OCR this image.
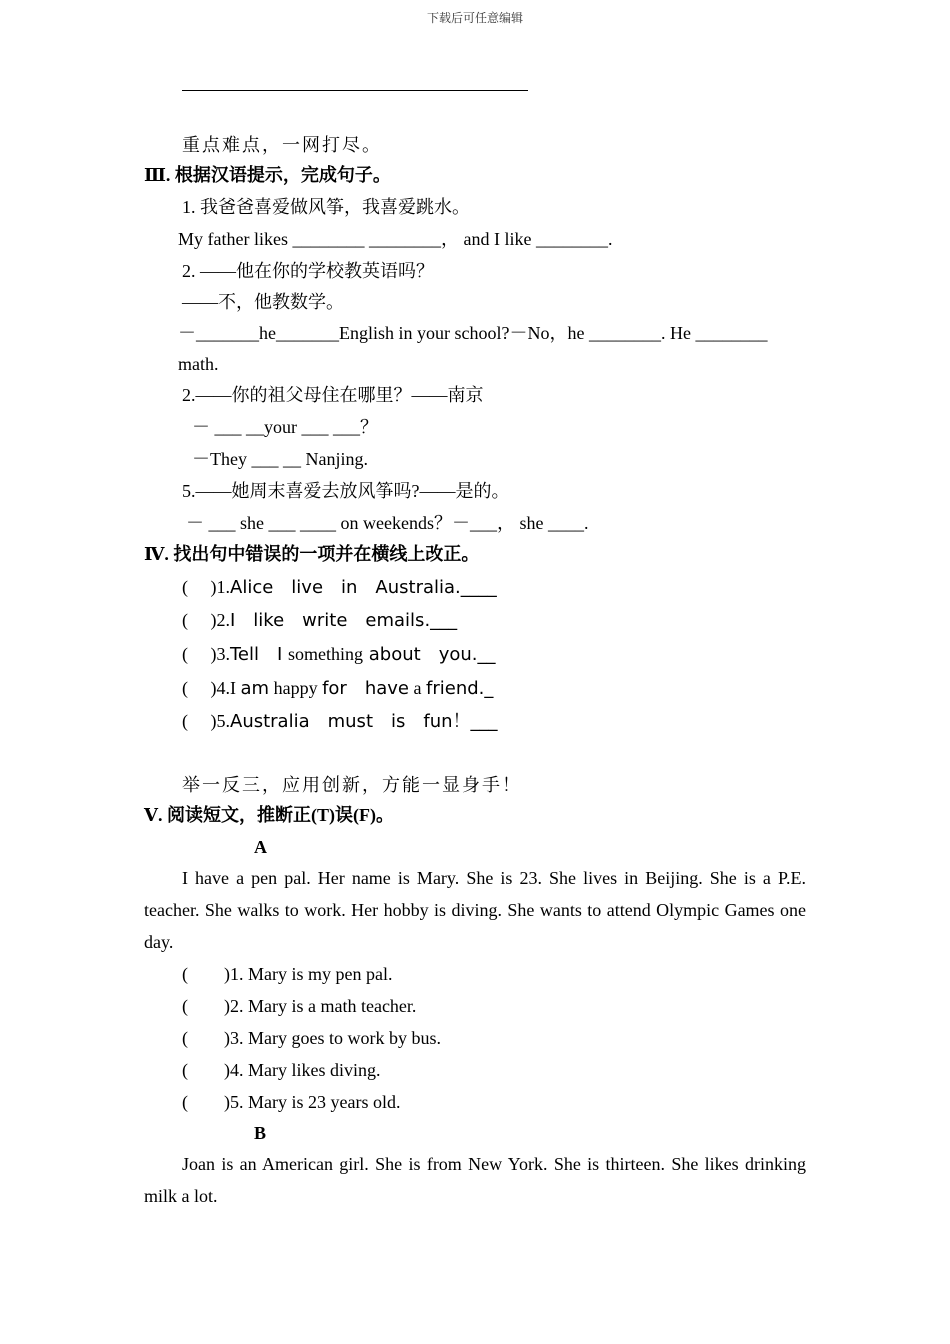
下载后可任意编辑
重点难点，一网打尽。
Ⅲ. 根据汉语提示，完成句子。
1. 我爸爸喜爱做风筝，我喜爱跳水。
My father likes ________ ________， and I like ________.
2. ——他在你的学校教英语吗？
——不，他教数学。
－_______he_______English in your school?－No，he ________. He ________
math.
2.——你的祖父母住在哪里？——南京
－ ___ __your ___ ___？
－They ___ __ Nanjing.
5.——她周末喜爱去放风筝吗?——是的。
－ ___ she ___ ____ on weekends？－___， she ____.
Ⅳ. 找出句中错误的一项并在横线上改正。
(　 )1.Alice　live　in　Australia.____
(　 )2.I　like　write　emails.___
(　 )3.Tell　I something about　you.__
(　 )4.I am happy for　have a friend._
(　 )5.Australia　must　is　fun！___
举一反三，应用创新，方能一显身手！
Ⅴ. 阅读短文，推断正(T)误(F)。
A
I have a pen pal. Her name is Mary. She is 23. She lives in Beijing. She is a P.E. teacher. She walks to work. Her hobby is diving. She wants to attend Olympic Games one day.
(　　)1. Mary is my pen pal.
(　　)2. Mary is a math teacher.
(　　)3. Mary goes to work by bus.
(　　)4. Mary likes diving.
(　　)5. Mary is 23 years old.
B
Joan is an American girl. She is from New York. She is thirteen. She likes drinking milk a lot.
